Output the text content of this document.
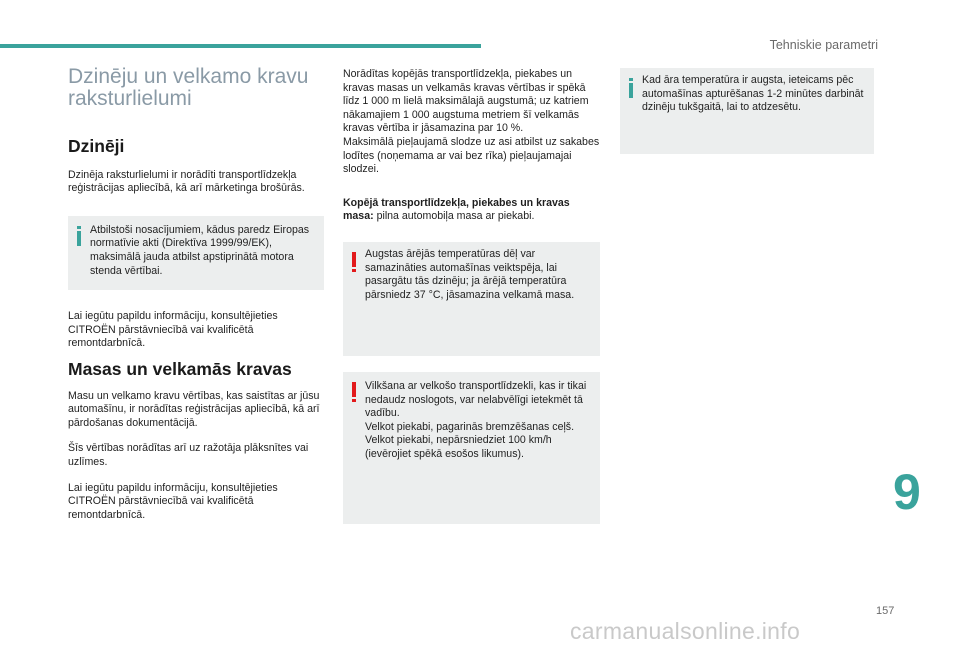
Tehniskie parametri
Dzinēju un velkamo kravu raksturlielumi
Dzinēji

Dzinēja raksturlielumi ir norādīti transportlīdzekļa reģistrācijas apliecībā, kā arī mārketinga brošūrās.

Atbilstoši nosacījumiem, kādus paredz Eiropas normatīvie akti (Direktīva 1999/99/EK), maksimālā jauda atbilst apstiprinātā motora stenda vērtībai.

Lai iegūtu papildu informāciju, konsultējieties CITROËN pārstāvniecībā vai kvalificētā remontdarbnīcā.

Masas un velkamās kravas

Masu un velkamo kravu vērtības, kas saistītas ar jūsu automašīnu, ir norādītas reģistrācijas apliecībā, kā arī pārdošanas dokumentācijā.

Šīs vērtības norādītas arī uz ražotāja plāksnītes vai uzlīmes.

Lai iegūtu papildu informāciju, konsultējieties CITROËN pārstāvniecībā vai kvalificētā remontdarbnīcā.

Norādītas kopējās transportlīdzekļa, piekabes un kravas masas un velkamās kravas vērtības ir spēkā līdz 1 000 m lielā maksimālajā augstumā; uz katriem nākamajiem 1 000 augstuma metriem šī velkamās kravas vērtība ir jāsamazina par 10 %.

Maksimālā pieļaujamā slodze uz asi atbilst uz sakabes lodītes (noņemama ar vai bez rīka) pieļaujamajai slodzei.

Kopējā transportlīdzekļa, piekabes un kravas masa: pilna automobiļa masa ar piekabi.

Augstas ārējās temperatūras dēļ var samazināties automašīnas veiktspēja, lai pasargātu tās dzinēju; ja ārējā temperatūra pārsniedz 37 °C, jāsamazina velkamā masa.
Vilkšana ar velkošo transportlīdzekli, kas ir tikai nedaudz noslogots, var nelabvēlīgi ietekmēt tā vadību.
Velkot piekabi, pagarinās bremzēšanas ceļš.
Velkot piekabi, nepārsniedziet 100 km/h (ievērojiet spēkā esošos likumus).
Kad āra temperatūra ir augsta, ieteicams pēc automašīnas apturēšanas 1-2 minūtes darbināt dzinēju tukšgaitā, lai to atdzesētu.
9
157
carmanualsonline.info
